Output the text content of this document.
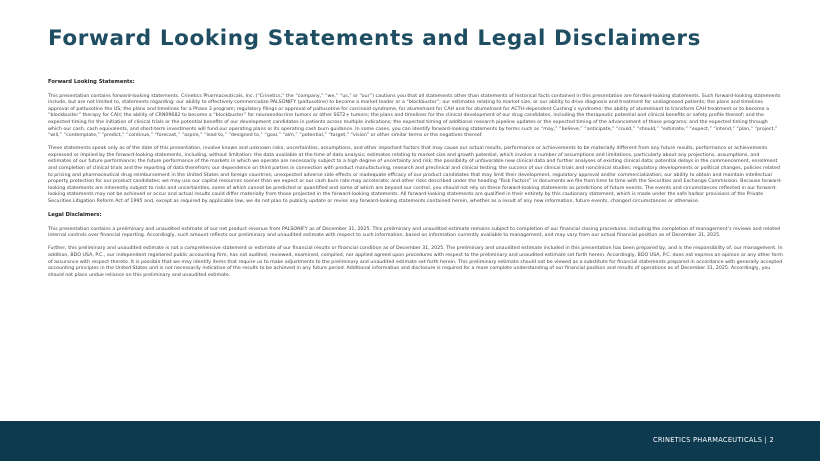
Forward Looking Statements and Legal Disclaimers
Forward Looking Statements:

This presentation contains forward-looking statements. Crinetics Pharmaceuticals, Inc. (“Crinetics,” the “company,” “we,” “us,” or “our”) cautions you that all statements other than statements of historical facts contained in this presentation are forward-looking statements. Such forward-looking statements include, but are not limited to, statements regarding: our ability to effectively commercialize PALSONIFY (paltusotine) to become a market leader or a “blockbuster”; our estimates relating to market size, or our ability to drive diagnosis and treatment for undiagnosed patients; the plans and timelines approval of paltusotine the US; the plans and timelines for a Phase 3 program; regulatory filings or approval of paltusotine for carcinoid syndrome, for atumelnant for CAH and for atumelnant for ACTH-dependent Cushing’s syndrome; the ability of atumelnant to transform CAH treatment or to become a “blockbuster” therapy for CAH; the ability of CRN09682 to become a “blockbuster” for neuroendocrine tumors or other SST2+ tumors; the plans and timelines for the clinical development of our drug candidates, including the therapeutic potential and clinical benefits or safety profile thereof; and the expected timing for the initiation of clinical trials or the potential benefits of our development candidates in patients across multiple indications; the expected timing of additional research pipeline updates or the expected timing of the advancement of those programs; and the expected timing through which our cash, cash equivalents, and short-term investments will fund our operating plans or its operating cash burn guidance. In some cases, you can identify forward-looking statements by terms such as “may,” “believe,” “anticipate,” “could,” “should,” “estimate,” “expect,” “intend,” “plan,” “project,” “will,” “contemplate,” “predict,” “continue,” “forecast,” “aspire,” “lead to,” “designed to,” “goal,” “aim,” “potential,” “target,” “vision” or other similar terms or the negatives thereof.

These statements speak only as of the date of this presentation, involve known and unknown risks, uncertainties, assumptions, and other important factors that may cause our actual results, performance or achievements to be materially different from any future results, performance or achievements expressed or implied by the forward-looking statements, including, without limitation: the data available at the time of data analysis; estimates relating to market size and growth potential, which involve a number of assumptions and limitations, particularly about any projections, assumptions, and estimates of our future performance; the future performance of the markets in which we operate are necessarily subject to a high degree of uncertainty and risk; the possibility of unfavorable new clinical data and further analyses of existing clinical data; potential delays in the commencement, enrollment and completion of clinical trials and the reporting of data therefrom; our dependence on third parties in connection with product manufacturing, research and preclinical and clinical testing; the success of our clinical trials and nonclinical studies; regulatory developments or political changes, policies related to pricing and pharmaceutical drug reimbursement in the United States and foreign countries; unexpected adverse side effects or inadequate efficacy of our product candidates that may limit their development, regulatory approval and/or commercialization; our ability to obtain and maintain intellectual property protection for our product candidates; we may use our capital resources sooner than we expect or our cash burn rate may accelerate; and other risks described under the heading “Risk Factors” in documents we file from time to time with the Securities and Exchange Commission. Because forward-looking statements are inherently subject to risks and uncertainties, some of which cannot be predicted or quantified and some of which are beyond our control, you should not rely on these forward-looking statements as predictions of future events. The events and circumstances reflected in our forward-looking statements may not be achieved or occur and actual results could differ materially from those projected in the forward-looking statements. All forward-looking statements are qualified in their entirety by this cautionary statement, which is made under the safe harbor provisions of the Private Securities Litigation Reform Act of 1995 and, except as required by applicable law, we do not plan to publicly update or revise any forward-looking statements contained herein, whether as a result of any new information, future events, changed circumstances or otherwise.

Legal Disclaimers:

This presentation contains a preliminary and unaudited estimate of our net product revenue from PALSONIFY as of December 31, 2025. This preliminary and unaudited estimate remains subject to completion of our financial closing procedures, including the completion of management’s reviews and related internal controls over financial reporting. Accordingly, such amount reflects our preliminary and unaudited estimate with respect to such information, based on information currently available to management, and may vary from our actual financial position as of December 31, 2025.

Further, this preliminary and unaudited estimate is not a comprehensive statement or estimate of our financial results or financial condition as of December 31, 2025. The preliminary and unaudited estimate included in this presentation has been prepared by, and is the responsibility of, our management. In addition, BDO USA, P.C., our independent registered public accounting firm, has not audited, reviewed, examined, compiled, nor applied agreed upon procedures with respect to the preliminary and unaudited estimate set forth herein. Accordingly, BDO USA, P.C. does not express an opinion or any other form of assurance with respect thereto. It is possible that we may identify items that require us to make adjustments to the preliminary and unaudited estimate set forth herein. This preliminary estimate should not be viewed as a substitute for financial statements prepared in accordance with generally accepted accounting principles in the United States and is not necessarily indicative of the results to be achieved in any future period. Additional information and disclosure is required for a more complete understanding of our financial position and results of operations as of December 31, 2025. Accordingly, you should not place undue reliance on this preliminary and unaudited estimate.

CRINETICS PHARMACEUTICALS | 2
